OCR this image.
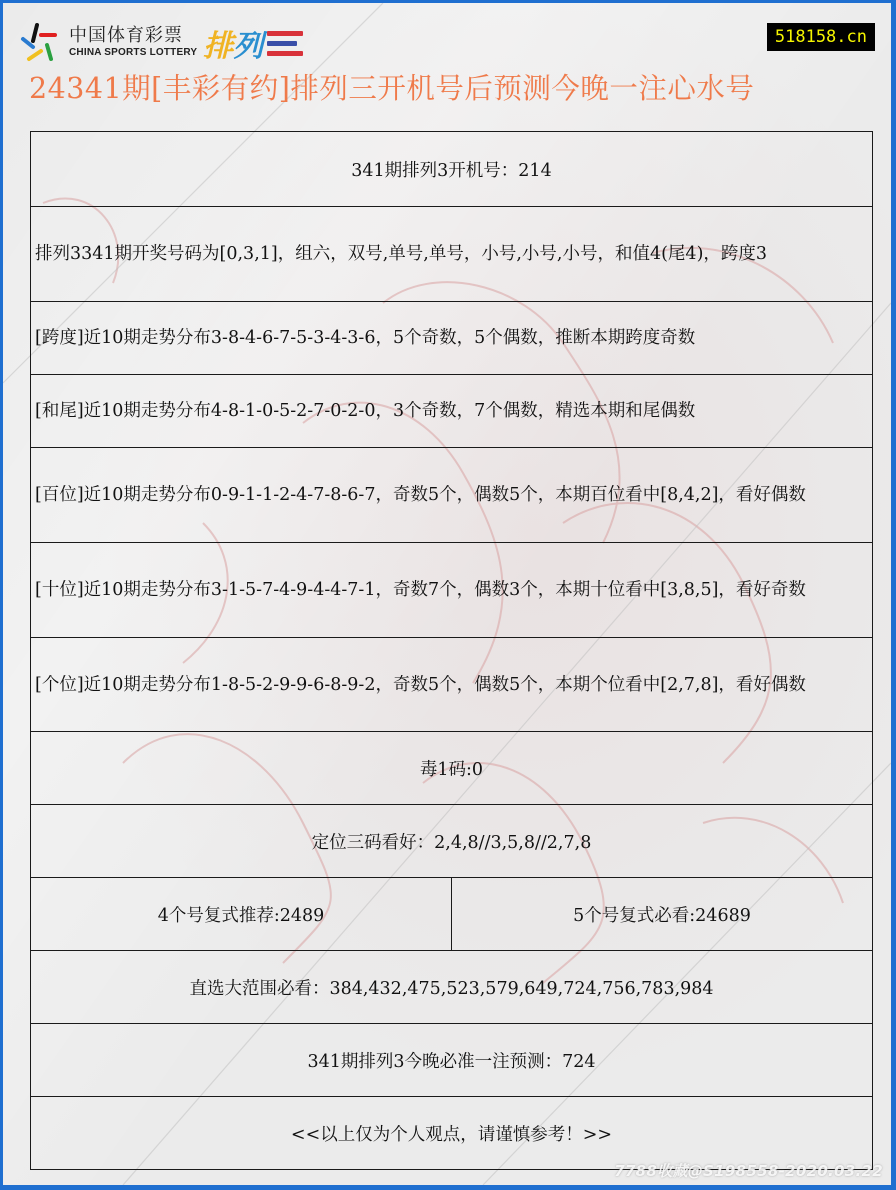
中国体育彩票
CHINA SPORTS LOTTERY 排 列	518158.cn
24341期[丰彩有约]排列三开机号后预测今晚一注心水号
341期排列3开机号：214
排列3341期开奖号码为[0,3,1]，组六，双号,单号,单号，小号,小号,小号，和值4(尾4)，跨度3
[跨度]近10期走势分布3-8-4-6-7-5-3-4-3-6，5个奇数，5个偶数，推断本期跨度奇数
[和尾]近10期走势分布4-8-1-0-5-2-7-0-2-0，3个奇数，7个偶数，精选本期和尾偶数
[百位]近10期走势分布0-9-1-1-2-4-7-8-6-7，奇数5个，偶数5个，本期百位看中[8,4,2]，看好偶数
[十位]近10期走势分布3-1-5-7-4-9-4-4-7-1，奇数7个，偶数3个，本期十位看中[3,8,5]，看好奇数
[个位]近10期走势分布1-8-5-2-9-9-6-8-9-2，奇数5个，偶数5个，本期个位看中[2,7,8]，看好偶数
毒1码:0
定位三码看好：2,4,8//3,5,8//2,7,8
4个号复式推荐:2489	5个号复式必看:24689
直选大范围必看：384,432,475,523,579,649,724,756,783,984
341期排列3今晚必准一注预测：724
<<以上仅为个人观点，请谨慎参考！>>
7788收藏@S198558-2020.03.22
